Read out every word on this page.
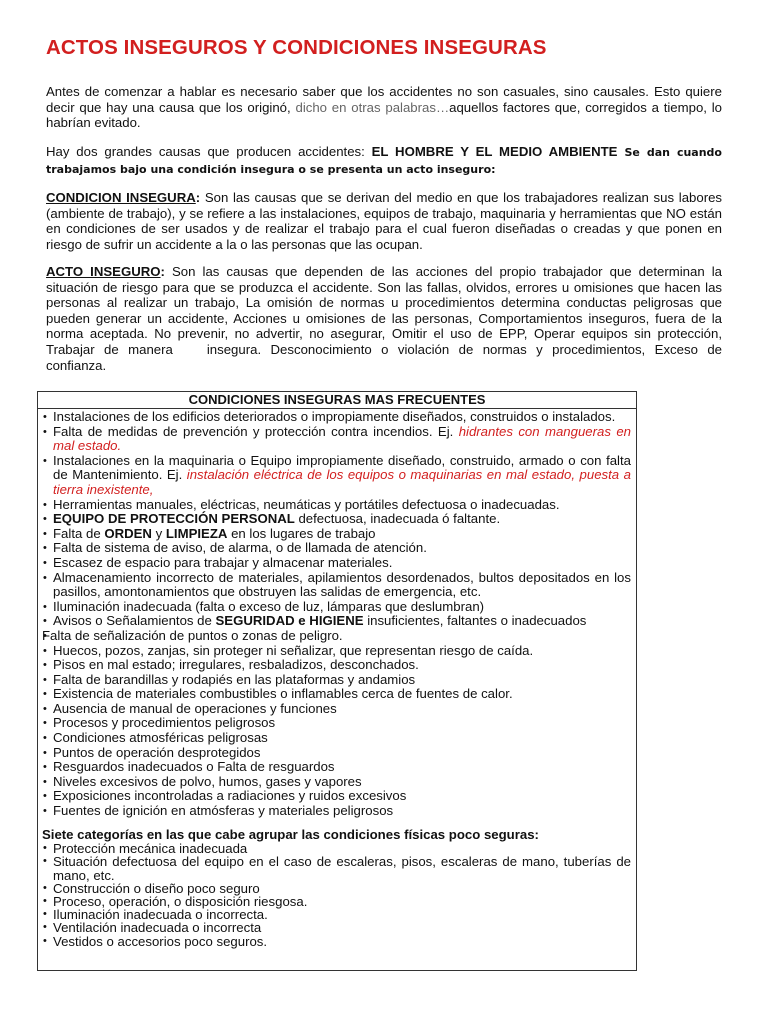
ACTOS INSEGUROS Y CONDICIONES INSEGURAS

Antes de comenzar a hablar es necesario saber que los accidentes no son casuales, sino causales. Esto quiere decir que hay una causa que los originó, dicho en otras palabras…aquellos factores que, corregidos a tiempo, lo habrían evitado.

Hay dos grandes causas que producen accidentes: EL HOMBRE Y EL MEDIO AMBIENTE Se dan cuando trabajamos bajo una condición insegura o se presenta un acto inseguro:

CONDICION INSEGURA: Son las causas que se derivan del medio en que los trabajadores realizan sus labores (ambiente de trabajo), y se refiere a las instalaciones, equipos de trabajo, maquinaria y herramientas que NO están en condiciones de ser usados y de realizar el trabajo para el cual fueron diseñadas o creadas y que ponen en riesgo de sufrir un accidente a la o las personas que las ocupan.

ACTO INSEGURO: Son las causas que dependen de las acciones del propio trabajador que determinan la situación de riesgo para que se produzca el accidente. Son las fallas, olvidos, errores u omisiones que hacen las personas al realizar un trabajo, La omisión de normas u procedimientos determina conductas peligrosas que pueden generar un accidente, Acciones u omisiones de las personas, Comportamientos inseguros, fuera de la norma aceptada. No prevenir, no advertir, no asegurar, Omitir el uso de EPP, Operar equipos sin protección, Trabajar de manera	insegura. Desconocimiento o violación de normas y procedimientos, Exceso de confianza.

CONDICIONES INSEGURAS MAS FRECUENTES
• Instalaciones de los edificios deteriorados o impropiamente diseñados, construidos o instalados.
• Falta de medidas de prevención y protección contra incendios. Ej. hidrantes con mangueras en mal estado.
• Instalaciones en la maquinaria o Equipo impropiamente diseñado, construido, armado o con falta de Mantenimiento. Ej. instalación eléctrica de los equipos o maquinarias en mal estado, puesta a tierra inexistente,
• Herramientas manuales, eléctricas, neumáticas y portátiles defectuosa o inadecuadas.
• EQUIPO DE PROTECCIÓN PERSONAL defectuosa, inadecuada ó faltante.
• Falta de ORDEN y LIMPIEZA en los lugares de trabajo
• Falta de sistema de aviso, de alarma, o de llamada de atención.
• Escasez de espacio para trabajar y almacenar materiales.
• Almacenamiento incorrecto de materiales, apilamientos desordenados, bultos depositados en los pasillos, amontonamientos que obstruyen las salidas de emergencia, etc.
• Iluminación inadecuada (falta o exceso de luz, lámparas que deslumbran)
• Avisos o Señalamientos de SEGURIDAD e HIGIENE insuficientes, faltantes o inadecuados
• Falta de señalización de puntos o zonas de peligro.
• Huecos, pozos, zanjas, sin proteger ni señalizar, que representan riesgo de caída.
• Pisos en mal estado; irregulares, resbaladizos, desconchados.
• Falta de barandillas y rodapiés en las plataformas y andamios
• Existencia de materiales combustibles o inflamables cerca de fuentes de calor.
• Ausencia de manual de operaciones y funciones
• Procesos y procedimientos peligrosos
• Condiciones atmosféricas peligrosas
• Puntos de operación desprotegidos
• Resguardos inadecuados o Falta de resguardos
• Niveles excesivos de polvo, humos, gases y vapores
• Exposiciones incontroladas a radiaciones y ruidos excesivos
• Fuentes de ignición en atmósferas y materiales peligrosos
Siete categorías en las que cabe agrupar las condiciones físicas poco seguras:
• Protección mecánica inadecuada
• Situación defectuosa del equipo en el caso de escaleras, pisos, escaleras de mano, tuberías de mano, etc.
• Construcción o diseño poco seguro
• Proceso, operación, o disposición riesgosa.
• Iluminación inadecuada o incorrecta.
• Ventilación inadecuada o incorrecta
• Vestidos o accesorios poco seguros.
